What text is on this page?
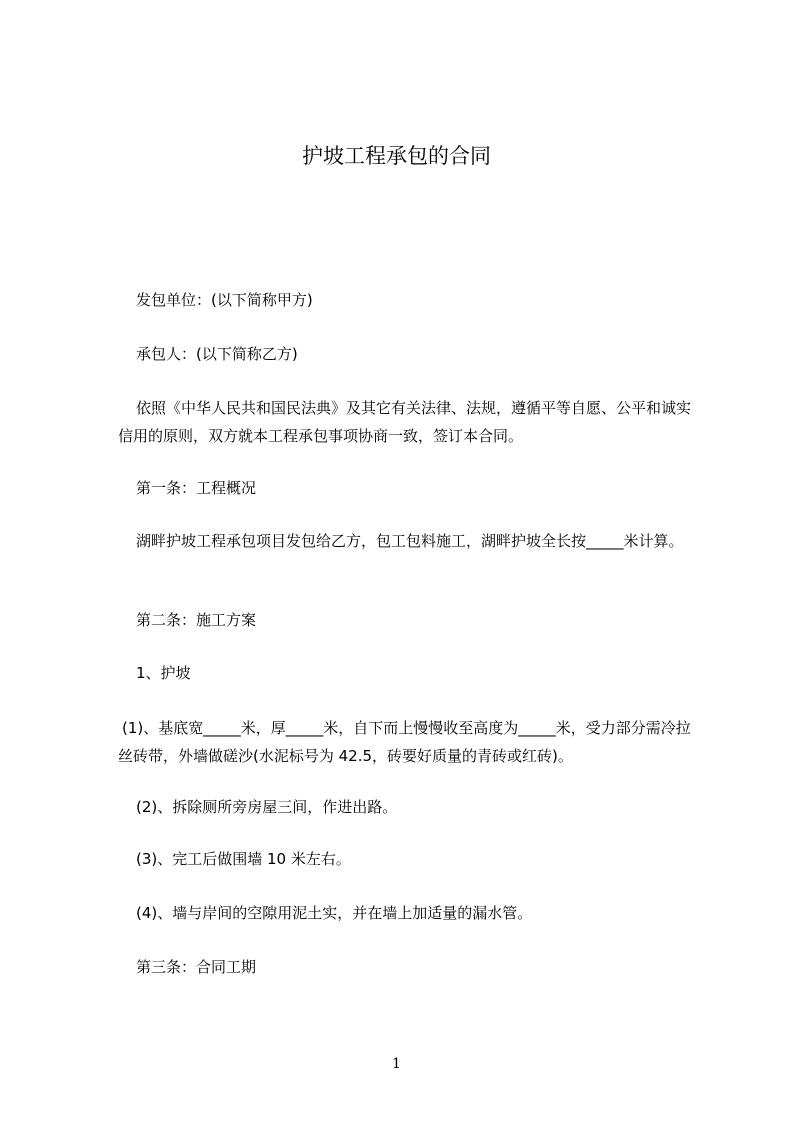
护坡工程承包的合同

发包单位：(以下简称甲方)

承包人：(以下简称乙方)

依照《中华人民共和国民法典》及其它有关法律、法规，遵循平等自愿、公平和诚实信用的原则，双方就本工程承包事项协商一致，签订本合同。

第一条：工程概况

湖畔护坡工程承包项目发包给乙方，包工包料施工，湖畔护坡全长按_____米计算。

第二条：施工方案

1、护坡

(1)、基底宽_____米，厚_____米，自下而上慢慢收至高度为_____米，受力部分需冷拉丝砖带，外墙做磋沙(水泥标号为 42.5，砖要好质量的青砖或红砖)。

(2)、拆除厕所旁房屋三间，作进出路。

(3)、完工后做围墙 10 米左右。

(4)、墙与岸间的空隙用泥土实，并在墙上加适量的漏水管。

第三条：合同工期

1
